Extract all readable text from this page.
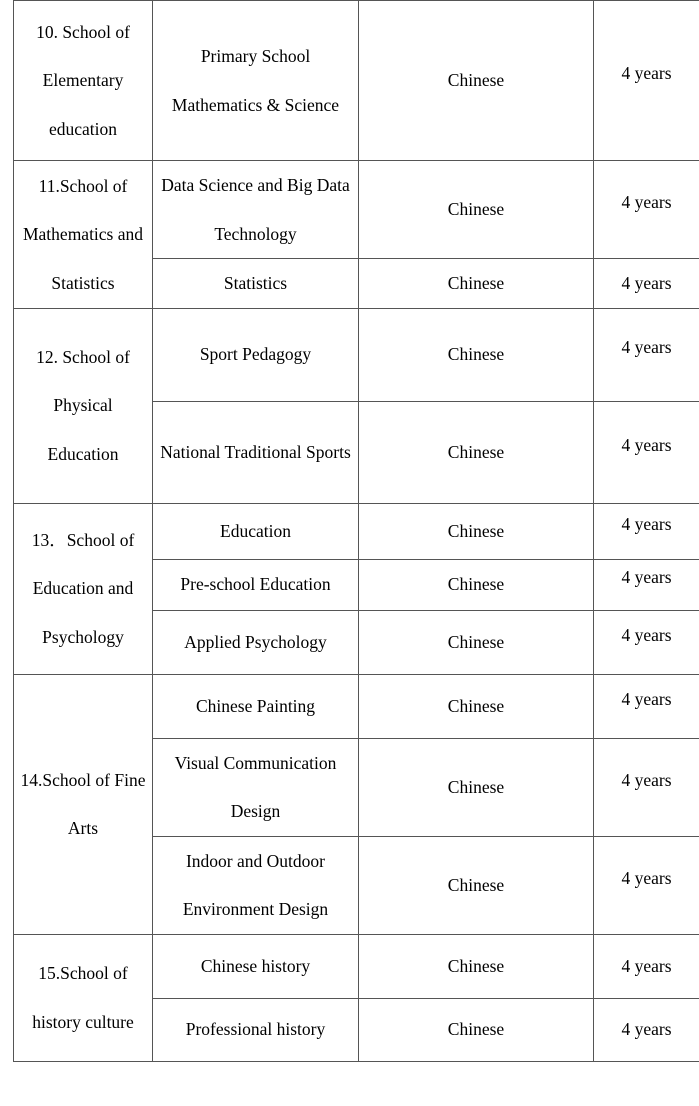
10. School of Elementary education	Primary School Mathematics & Science	Chinese	4 years
11.School of Mathematics and Statistics	Data Science and Big Data Technology	Chinese	4 years
	Statistics	Chinese	4 years
12. School of Physical Education	Sport Pedagogy	Chinese	4 years
	National Traditional Sports	Chinese	4 years
13．School of Education and Psychology	Education	Chinese	4 years
	Pre-school Education	Chinese	4 years
	Applied Psychology	Chinese	4 years
14.School of Fine Arts	Chinese Painting	Chinese	4 years
	Visual Communication Design	Chinese	4 years
	Indoor and Outdoor Environment Design	Chinese	4 years
15.School of history culture	Chinese history	Chinese	4 years
	Professional history	Chinese	4 years
